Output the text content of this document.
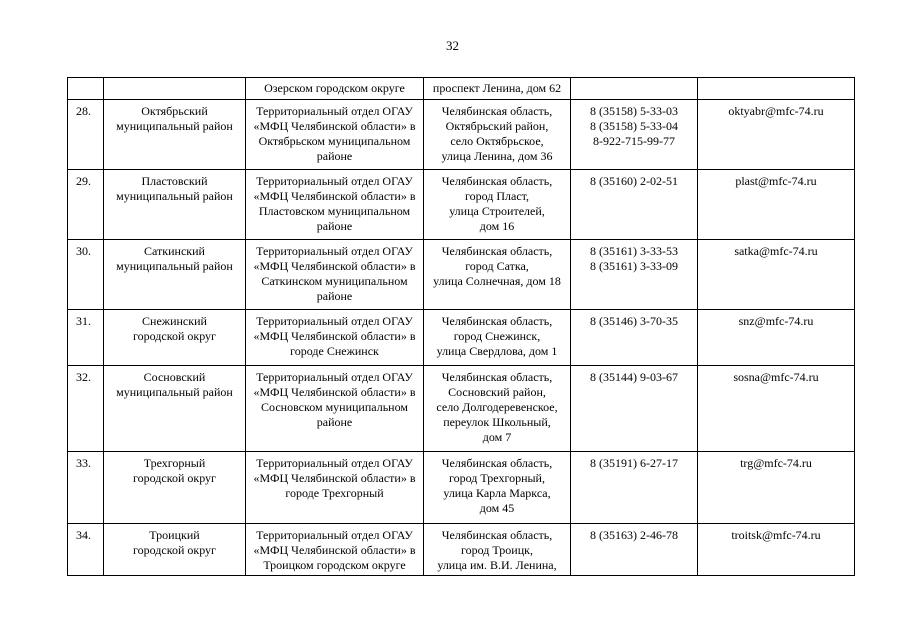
32
		Озерском городском округе	проспект Ленина, дом 62		
28.	Октябрьский
муниципальный район	Территориальный отдел ОГАУ
«МФЦ Челябинской области» в
Октябрьском муниципальном
районе	Челябинская область,
Октябрьский район,
село Октябрьское,
улица Ленина, дом 36	8 (35158) 5-33-03
8 (35158) 5-33-04
8-922-715-99-77	oktyabr@mfc-74.ru
29.	Пластовский
муниципальный район	Территориальный отдел ОГАУ
«МФЦ Челябинской области» в
Пластовском муниципальном
районе	Челябинская область,
город Пласт,
улица Строителей,
дом 16	8 (35160) 2-02-51	plast@mfc-74.ru
30.	Саткинский
муниципальный район	Территориальный отдел ОГАУ
«МФЦ Челябинской области» в
Саткинском муниципальном
районе	Челябинская область,
город Сатка,
улица Солнечная, дом 18	8 (35161) 3-33-53
8 (35161) 3-33-09	satka@mfc-74.ru
31.	Снежинский
городской округ	Территориальный отдел ОГАУ
«МФЦ Челябинской области» в
городе Снежинск	Челябинская область,
город Снежинск,
улица Свердлова, дом 1	8 (35146) 3-70-35	snz@mfc-74.ru
32.	Сосновский
муниципальный район	Территориальный отдел ОГАУ
«МФЦ Челябинской области» в
Сосновском муниципальном
районе	Челябинская область,
Сосновский район,
село Долгодеревенское,
переулок Школьный,
дом 7	8 (35144) 9-03-67	sosna@mfc-74.ru
33.	Трехгорный
городской округ	Территориальный отдел ОГАУ
«МФЦ Челябинской области» в
городе Трехгорный	Челябинская область,
город Трехгорный,
улица Карла Маркса,
дом 45	8 (35191) 6-27-17	trg@mfc-74.ru
34.	Троицкий
городской округ	Территориальный отдел ОГАУ
«МФЦ Челябинской области» в
Троицком городском округе	Челябинская область,
город Троицк,
улица им. В.И. Ленина,	8 (35163) 2-46-78	troitsk@mfc-74.ru
